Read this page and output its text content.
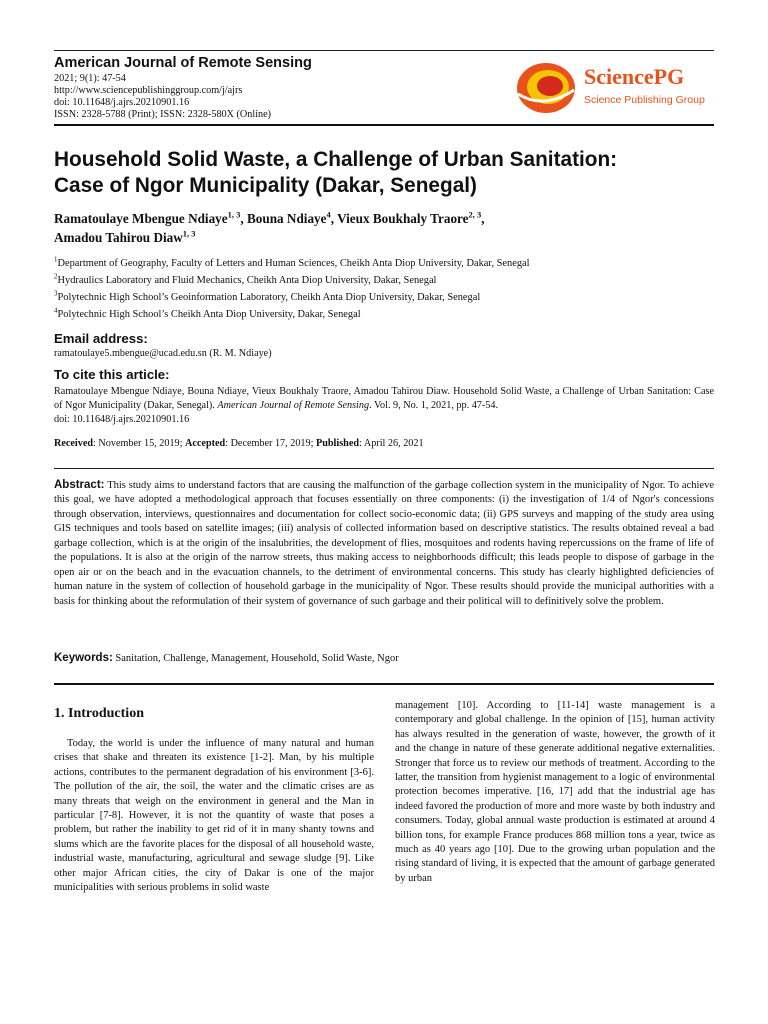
American Journal of Remote Sensing
2021; 9(1): 47-54
http://www.sciencepublishinggroup.com/j/ajrs
doi: 10.11648/j.ajrs.20210901.16
ISSN: 2328-5788 (Print); ISSN: 2328-580X (Online)
SciencePG
Science Publishing Group
Household Solid Waste, a Challenge of Urban Sanitation:
Case of Ngor Municipality (Dakar, Senegal)
Ramatoulaye Mbengue Ndiaye$^{1, 3}$, Bouna Ndiaye$^4$, Vieux Boukhaly Traore$^{2, 3}$,
Amadou Tahirou Diaw$^{1, 3}$
$^1$Department of Geography, Faculty of Letters and Human Sciences, Cheikh Anta Diop University, Dakar, Senegal
$^2$Hydraulics Laboratory and Fluid Mechanics, Cheikh Anta Diop University, Dakar, Senegal
$^3$Polytechnic High School’s Geoinformation Laboratory, Cheikh Anta Diop University, Dakar, Senegal
$^4$Polytechnic High School’s Cheikh Anta Diop University, Dakar, Senegal
Email address:
ramatoulaye5.mbengue@ucad.edu.sn (R. M. Ndiaye)
To cite this article:
Ramatoulaye Mbengue Ndiaye, Bouna Ndiaye, Vieux Boukhaly Traore, Amadou Tahirou Diaw. Household Solid Waste, a Challenge of Urban Sanitation: Case of Ngor Municipality (Dakar, Senegal). American Journal of Remote Sensing. Vol. 9, No. 1, 2021, pp. 47-54.
doi: 10.11648/j.ajrs.20210901.16
Received: November 15, 2019; Accepted: December 17, 2019; Published: April 26, 2021
Abstract: This study aims to understand factors that are causing the malfunction of the garbage collection system in the municipality of Ngor. To achieve this goal, we have adopted a methodological approach that focuses essentially on three components: (i) the investigation of 1/4 of Ngor's concessions through observation, interviews, questionnaires and documentation for collect socio-economic data; (ii) GPS surveys and mapping of the study area using GIS techniques and tools based on satellite images; (iii) analysis of collected information based on descriptive statistics. The results obtained reveal a bad garbage collection, which is at the origin of the insalubrities, the development of flies, mosquitoes and rodents having repercussions on the frame of life of the populations. It is also at the origin of the narrow streets, thus making access to neighborhoods difficult; this leads people to dispose of garbage in the open air or on the beach and in the evacuation channels, to the detriment of environmental concerns. This study has clearly highlighted deficiencies of human nature in the system of collection of household garbage in the municipality of Ngor. These results should provide the municipal authorities with a basis for thinking about the reformulation of their system of governance of such garbage and their political will to definitively solve the problem.
Keywords: Sanitation, Challenge, Management, Household, Solid Waste, Ngor
1. Introduction
Today, the world is under the influence of many natural and human crises that shake and threaten its existence [1-2]. Man, by his multiple actions, contributes to the permanent degradation of his environment [3-6]. The pollution of the air, the soil, the water and the climatic crises are as many threats that weigh on the environment in general and the Man in particular [7-8]. However, it is not the quantity of waste that poses a problem, but rather the inability to get rid of it in many shanty towns and slums which are the favorite places for the disposal of all household waste, industrial waste, manufacturing, agricultural and sewage sludge [9]. Like other major African cities, the city of Dakar is one of the major municipalities with serious problems in solid waste
management [10]. According to [11-14] waste management is a contemporary and global challenge. In the opinion of [15], human activity has always resulted in the generation of waste, however, the growth of it and the change in nature of these generate additional negative externalities. Stronger that force us to review our methods of treatment. According to the latter, the transition from hygienist management to a logic of environmental protection becomes imperative. [16, 17] add that the industrial age has indeed favored the production of more and more waste by both industry and consumers. Today, global annual waste production is estimated at around 4 billion tons, for example France produces 868 million tons a year, twice as much as 40 years ago [10]. Due to the growing urban population and the rising standard of living, it is expected that the amount of garbage generated by urban
